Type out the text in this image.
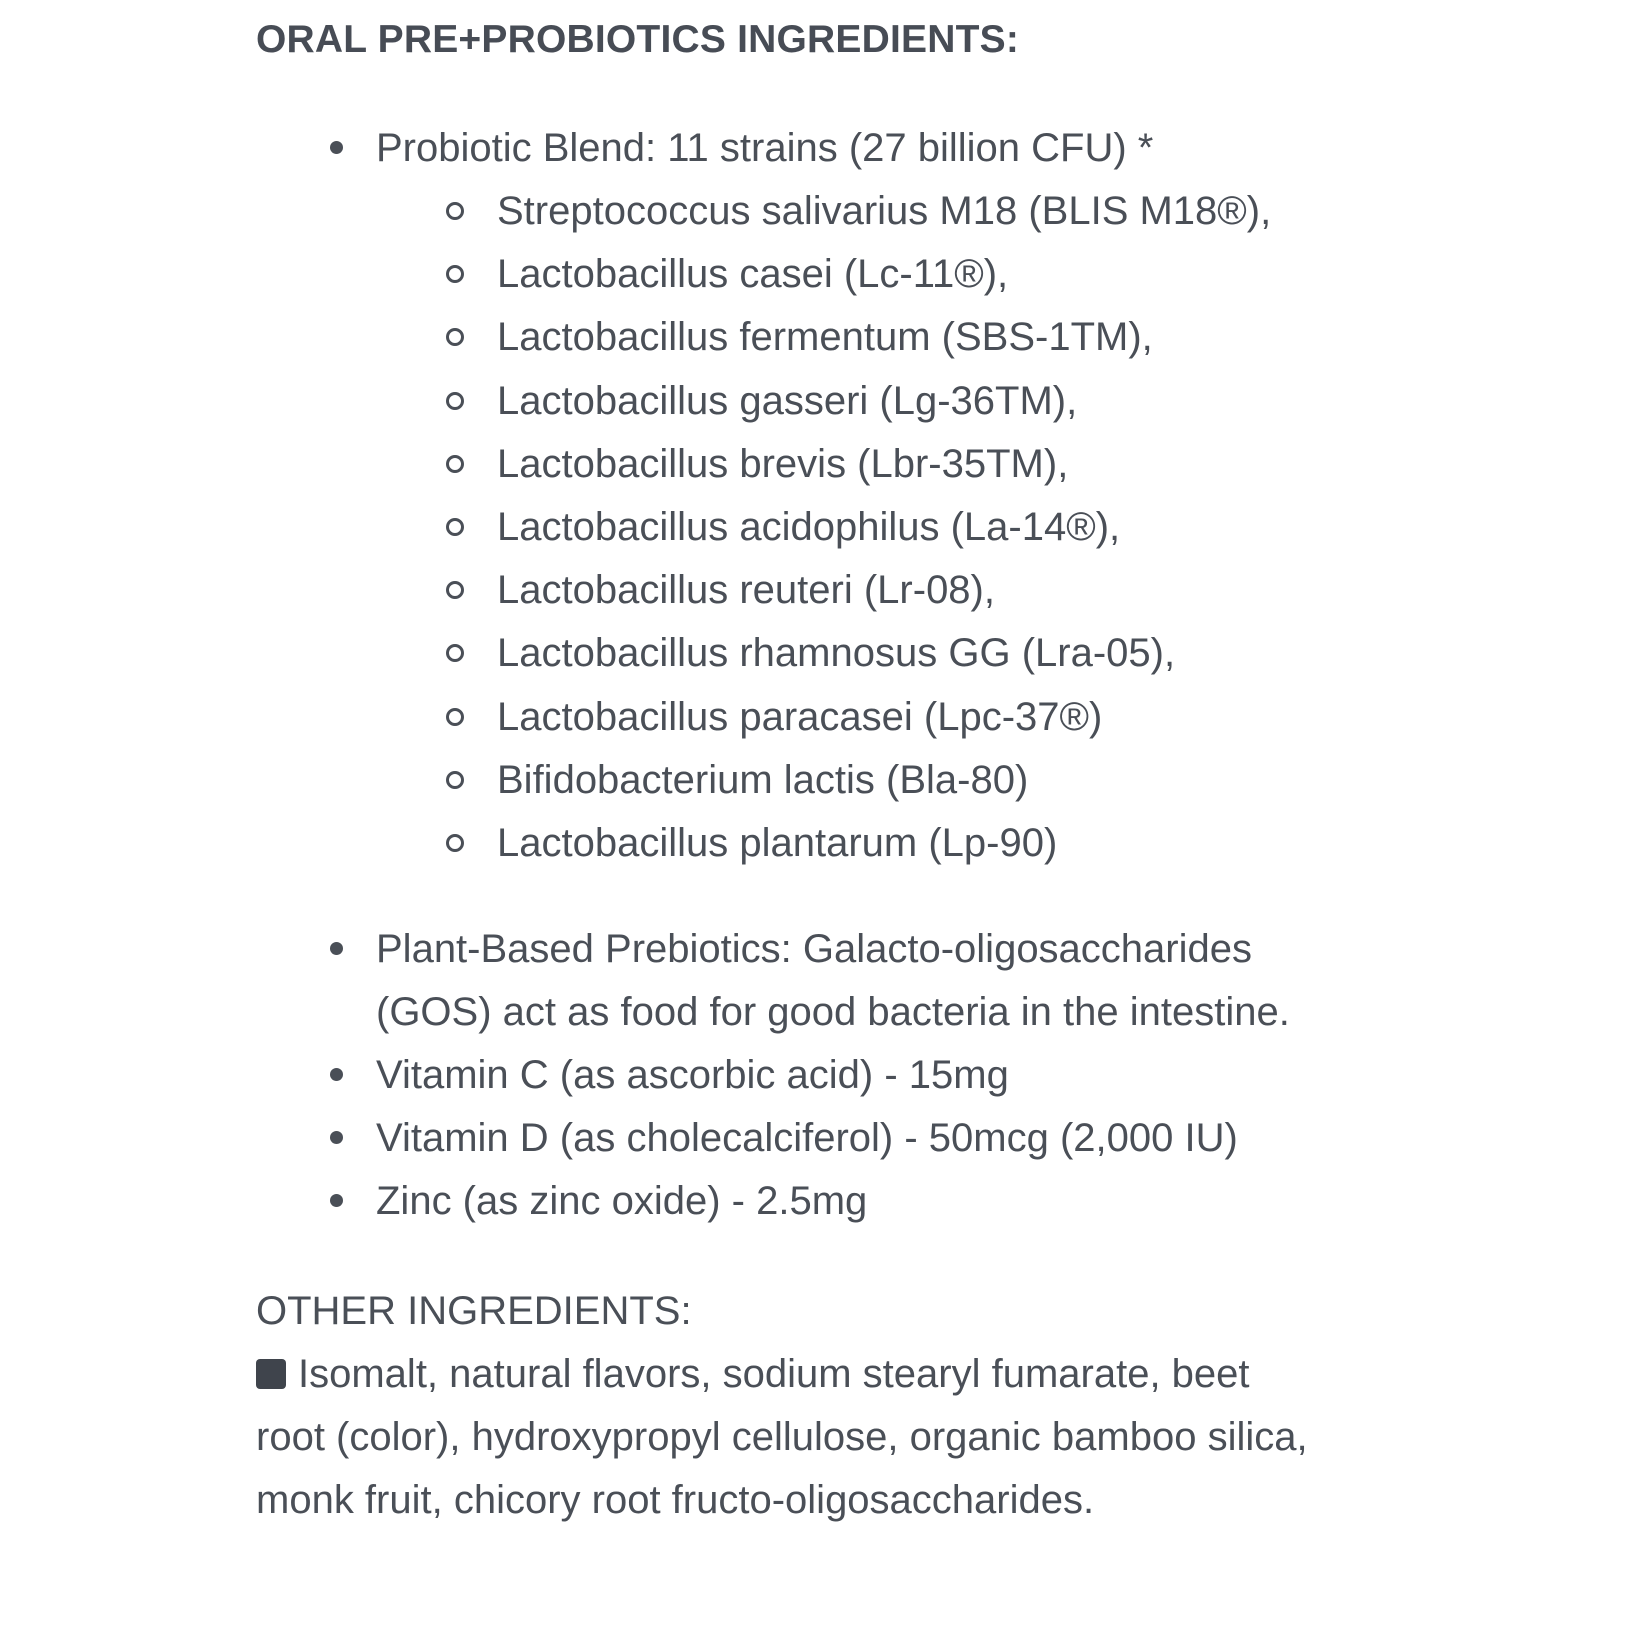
ORAL PRE+PROBIOTICS INGREDIENTS:
Probiotic Blend: 11 strains (27 billion CFU) *
Streptococcus salivarius M18 (BLIS M18®),
Lactobacillus casei (Lc-11®),
Lactobacillus fermentum (SBS-1TM),
Lactobacillus gasseri (Lg-36TM),
Lactobacillus brevis (Lbr-35TM),
Lactobacillus acidophilus (La-14®),
Lactobacillus reuteri (Lr-08),
Lactobacillus rhamnosus GG (Lra-05),
Lactobacillus paracasei (Lpc-37®)
Bifidobacterium lactis (Bla-80)
Lactobacillus plantarum (Lp-90)
Plant-Based Prebiotics: Galacto-oligosaccharides (GOS) act as food for good bacteria in the intestine.
Vitamin C (as ascorbic acid) - 15mg
Vitamin D (as cholecalciferol) - 50mcg (2,000 IU)
Zinc (as zinc oxide) - 2.5mg
OTHER INGREDIENTS:
Isomalt, natural flavors, sodium stearyl fumarate, beet root (color), hydroxypropyl cellulose, organic bamboo silica, monk fruit, chicory root fructo-oligosaccharides.
